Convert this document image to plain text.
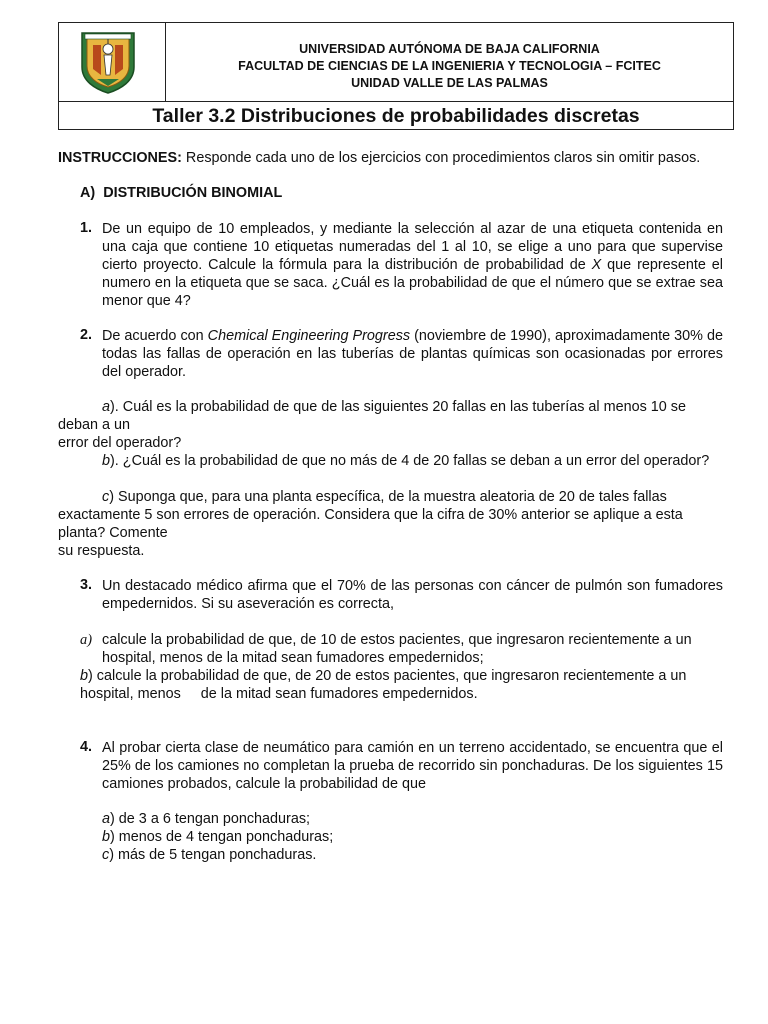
UNIVERSIDAD AUTÓNOMA DE BAJA CALIFORNIA
FACULTAD DE CIENCIAS DE LA INGENIERIA Y TECNOLOGIA – FCITEC
UNIDAD VALLE DE LAS PALMAS
Taller 3.2 Distribuciones de probabilidades discretas
INSTRUCCIONES: Responde cada uno de los ejercicios con procedimientos claros sin omitir pasos.
A) DISTRIBUCIÓN BINOMIAL
1. De un equipo de 10 empleados, y mediante la selección al azar de una etiqueta contenida en una caja que contiene 10 etiquetas numeradas del 1 al 10, se elige a uno para que supervise cierto proyecto. Calcule la fórmula para la distribución de probabilidad de X que represente el numero en la etiqueta que se saca. ¿Cuál es la probabilidad de que el número que se extrae sea menor que 4?
2. De acuerdo con Chemical Engineering Progress (noviembre de 1990), aproximadamente 30% de todas las fallas de operación en las tuberías de plantas químicas son ocasionadas por errores del operador.
a). Cuál es la probabilidad de que de las siguientes 20 fallas en las tuberías al menos 10 se deban a un
error del operador?
b). ¿Cuál es la probabilidad de que no más de 4 de 20 fallas se deban a un error del operador?
c) Suponga que, para una planta específica, de la muestra aleatoria de 20 de tales fallas exactamente 5 son errores de operación. Considera que la cifra de 30% anterior se aplique a esta planta? Comente
su respuesta.
3. Un destacado médico afirma que el 70% de las personas con cáncer de pulmón son fumadores empedernidos. Si su aseveración es correcta,
a) calcule la probabilidad de que, de 10 de estos pacientes, que ingresaron recientemente a un hospital, menos de la mitad sean fumadores empedernidos;
b) calcule la probabilidad de que, de 20 de estos pacientes, que ingresaron recientemente a un
hospital, menos de la mitad sean fumadores empedernidos.
4. Al probar cierta clase de neumático para camión en un terreno accidentado, se encuentra que el 25% de los camiones no completan la prueba de recorrido sin ponchaduras. De los siguientes 15 camiones probados, calcule la probabilidad de que
a) de 3 a 6 tengan ponchaduras;
b) menos de 4 tengan ponchaduras;
c) más de 5 tengan ponchaduras.
